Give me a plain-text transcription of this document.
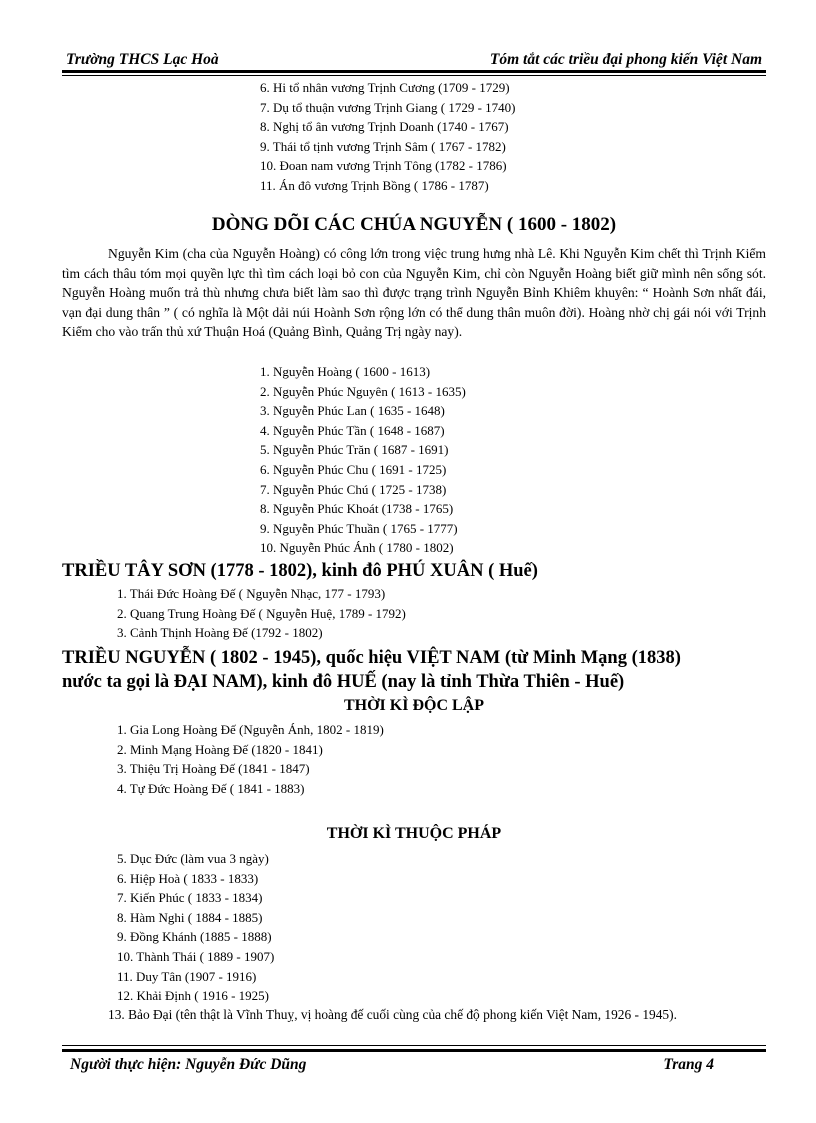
Trường THCS Lạc Hoà	Tóm tắt các triều đại phong kiến Việt Nam
6. Hi tổ nhân vương Trịnh Cương (1709 - 1729)
7. Dụ tổ thuận vương Trịnh Giang ( 1729 - 1740)
8. Nghị tổ ân vương Trịnh Doanh (1740 - 1767)
9. Thái tổ tịnh vương Trịnh Sâm ( 1767 - 1782)
10. Đoan nam vương Trịnh Tông (1782 - 1786)
11. Án đô vương Trịnh Bồng ( 1786 - 1787)
DÒNG DÕI CÁC CHÚA NGUYỄN ( 1600 - 1802)
Nguyễn Kim (cha của Nguyễn Hoàng) có công lớn trong việc trung hưng nhà Lê. Khi Nguyễn Kim chết thì Trịnh Kiểm tìm cách thâu tóm mọi quyền lực thì tìm cách loại bỏ con của Nguyễn Kim, chỉ còn Nguyễn Hoàng biết giữ mình nên sống sót. Nguyễn Hoàng muốn trả thù nhưng chưa biết làm sao thì được trạng trình Nguyễn Bỉnh Khiêm khuyên: “ Hoành Sơn nhất đái, vạn đại dung thân ” ( có nghĩa là Một dải núi Hoành Sơn rộng lớn có thể dung thân muôn đời). Hoàng nhờ chị gái nói với Trịnh Kiểm cho vào trấn thủ xứ Thuận Hoá (Quảng Bình, Quảng Trị ngày nay).
1. Nguyễn Hoàng ( 1600 - 1613)
2. Nguyễn Phúc Nguyên ( 1613 - 1635)
3. Nguyễn Phúc Lan ( 1635 - 1648)
4. Nguyễn Phúc Tần ( 1648 - 1687)
5. Nguyễn Phúc Trăn ( 1687 - 1691)
6. Nguyễn Phúc Chu ( 1691 - 1725)
7. Nguyễn Phúc Chú ( 1725 - 1738)
8. Nguyễn Phúc Khoát (1738 - 1765)
9. Nguyễn Phúc Thuần ( 1765 - 1777)
10. Nguyễn Phúc Ánh ( 1780 - 1802)
TRIỀU TÂY SƠN (1778 - 1802), kinh đô PHÚ XUÂN ( Huế)
1. Thái Đức Hoàng Đế ( Nguyễn Nhạc, 177 - 1793)
2. Quang Trung Hoàng Đế ( Nguyễn Huệ, 1789 - 1792)
3. Cảnh Thịnh Hoàng Đế (1792 - 1802)
TRIỀU NGUYỄN ( 1802 - 1945), quốc hiệu VIỆT NAM (từ Minh Mạng (1838)
nước ta gọi là ĐẠI NAM), kinh đô HUẾ (nay là tỉnh Thừa Thiên - Huế)
THỜI KÌ ĐỘC LẬP
1. Gia Long Hoàng Đế (Nguyễn Ánh, 1802 - 1819)
2. Minh Mạng Hoàng Đế (1820 - 1841)
3. Thiệu Trị Hoàng Đế (1841 - 1847)
4. Tự Đức Hoàng Đế ( 1841 - 1883)
THỜI KÌ THUỘC PHÁP
5. Dục Đức (làm vua 3 ngày)
6. Hiệp Hoà ( 1833 - 1833)
7. Kiến Phúc ( 1833 - 1834)
8. Hàm Nghi ( 1884 - 1885)
9. Đồng Khánh (1885 - 1888)
10. Thành Thái ( 1889 - 1907)
11. Duy Tân (1907 - 1916)
12. Khải Định ( 1916 - 1925)
13. Bảo Đại (tên thật là Vĩnh Thuỵ, vị hoàng đế cuối cùng của chế độ phong kiến Việt Nam, 1926 - 1945).
Người thực hiện: Nguyễn Đức Dũng	Trang 4
